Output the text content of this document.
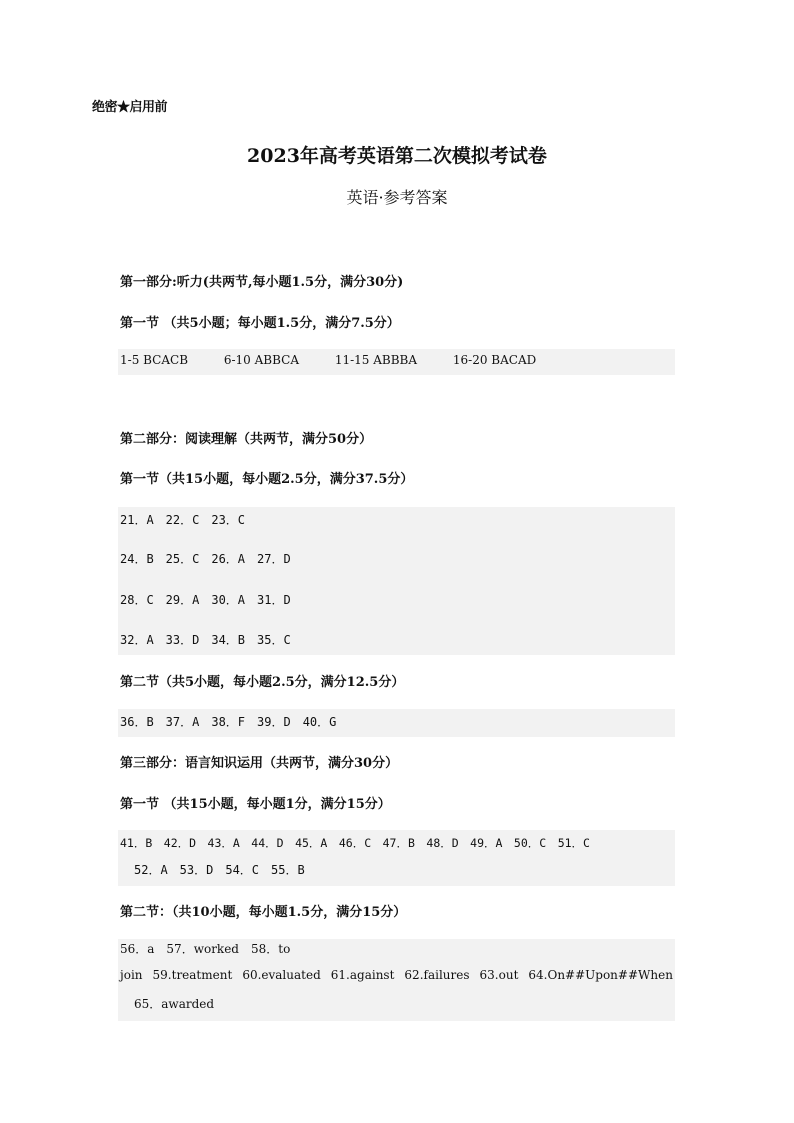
绝密★启用前
2023年高考英语第二次模拟考试卷
英语·参考答案
第一部分:听力(共两节,每小题1.5分，满分30分)
第一节 （共5小题；每小题1.5分，满分7.5分）
1-5 BCACB	6-10 ABBCA	11-15 ABBBA	16-20 BACAD
第二部分：阅读理解（共两节，满分50分）
第一节（共15小题，每小题2.5分，满分37.5分）
21．A　22．C　23．C
24．B　25．C　26．A　27．D
28．C　29．A　30．A　31．D
32．A　33．D　34．B　35．C
第二节（共5小题，每小题2.5分，满分12.5分）
36．B　37．A　38．F　39．D　40．G
第三部分：语言知识运用（共两节，满分30分）
第一节 （共15小题，每小题1分，满分15分）
41．B　42．D　43．A　44．D　45．A　46．C　47．B　48．D　49．A　50．C　51．C
52．A　53．D　54．C　55．B
第二节：（共10小题，每小题1.5分，满分15分）
56．a　57．worked　58．to
join 59.treatment 60.evaluated 61.against 62.failures 63.out 64.On##Upon##When
65．awarded
